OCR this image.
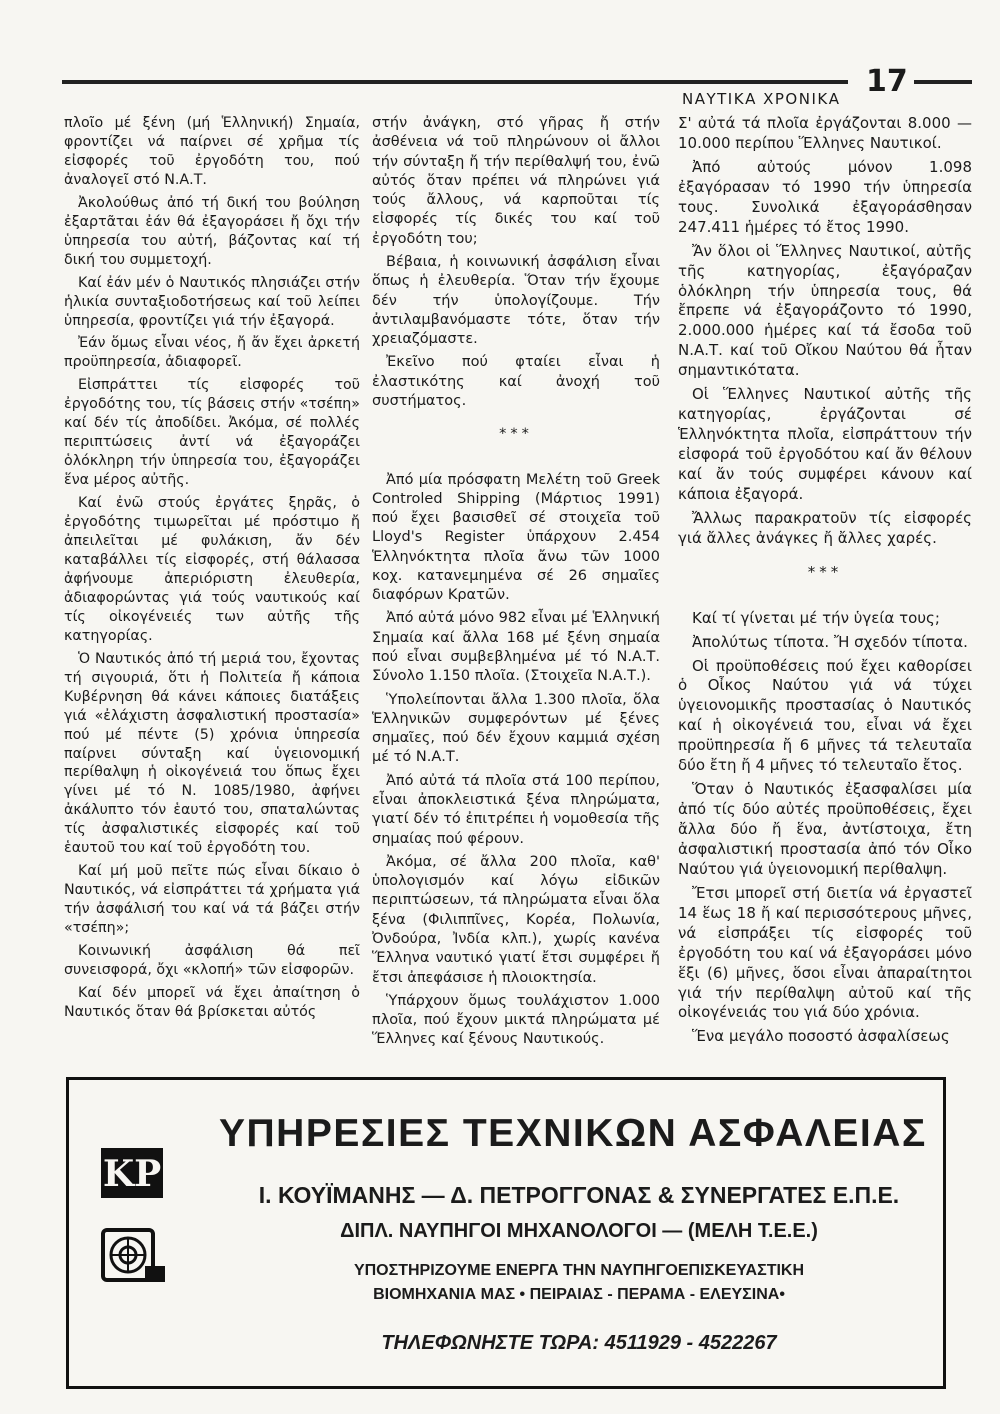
ΝΑΥΤΙΚΑ ΧΡΟΝΙΚΑ 17

πλοῖο μέ ξένη (μή Ἑλληνική) Σημαία, φροντίζει νά παίρνει σέ χρῆμα τίς εἰσφορές τοῦ ἐργοδότη του, πού ἀναλογεῖ στό Ν.Α.Τ.

Ἀκολούθως ἀπό τή δική του βούληση ἐξαρτᾶται ἐάν θά ἐξαγοράσει ἤ ὄχι τήν ὑπηρεσία του αὐτή, βάζοντας καί τή δική του συμμετοχή.

Καί ἐάν μέν ὁ Ναυτικός πλησιάζει στήν ἡλικία συνταξιοδοτήσεως καί τοῦ λείπει ὑπηρεσία, φροντίζει γιά τήν ἐξαγορά.

Ἐάν ὅμως εἶναι νέος, ἤ ἄν ἔχει ἀρκετή προϋπηρεσία, ἀδιαφορεῖ.

Εἰσπράττει τίς εἰσφορές τοῦ ἐργοδότης του, τίς βάσεις στήν «τσέπη» καί δέν τίς ἀποδίδει. Ἀκόμα, σέ πολλές περιπτώσεις ἀντί νά ἐξαγοράζει ὁλόκληρη τήν ὑπηρεσία του, ἐξαγοράζει ἕνα μέρος αὐτῆς.

Καί ἐνῶ στούς ἐργάτες ξηρᾶς, ὁ ἐργοδότης τιμωρεῖται μέ πρόστιμο ἤ ἀπειλεῖται μέ φυλάκιση, ἄν δέν καταβάλλει τίς εἰσφορές, στή θάλασσα ἀφήνουμε ἀπεριόριστη ἐλευθερία, ἀδιαφορώντας γιά τούς ναυτικούς καί τίς οἰκογένειές των αὐτῆς τῆς κατηγορίας.

Ὁ Ναυτικός ἀπό τή μεριά του, ἔχοντας τή σιγουριά, ὅτι ἡ Πολιτεία ἤ κάποια Κυβέρνηση θά κάνει κάποιες διατάξεις γιά «ἐλάχιστη ἀσφαλιστική προστασία» πού μέ πέντε (5) χρόνια ὑπηρεσία παίρνει σύνταξη καί ὑγειονομική περίθαλψη ἡ οἰκογένειά του ὅπως ἔχει γίνει μέ τό Ν. 1085/1980, ἀφήνει ἀκάλυπτο τόν ἑαυτό του, σπαταλώντας τίς ἀσφαλιστικές εἰσφορές καί τοῦ ἑαυτοῦ του καί τοῦ ἐργοδότη του.

Καί μή μοῦ πεῖτε πώς εἶναι δίκαιο ὁ Ναυτικός, νά εἰσπράττει τά χρήματα γιά τήν ἀσφάλισή του καί νά τά βάζει στήν «τσέπη»;

Κοινωνική ἀσφάλιση θά πεῖ συνεισφορά, ὄχι «κλοπή» τῶν εἰσφορῶν.

Καί δέν μπορεῖ νά ἔχει ἀπαίτηση ὁ Ναυτικός ὅταν θά βρίσκεται αὐτός

στήν ἀνάγκη, στό γῆρας ἤ στήν ἀσθένεια νά τοῦ πληρώνουν οἱ ἄλλοι τήν σύνταξη ἤ τήν περίθαλψή του, ἐνῶ αὐτός ὅταν πρέπει νά πληρώνει γιά τούς ἄλλους, νά καρποῦται τίς εἰσφορές τίς δικές του καί τοῦ ἐργοδότη του;

Βέβαια, ἡ κοινωνική ἀσφάλιση εἶναι ὅπως ἡ ἐλευθερία. Ὅταν τήν ἔχουμε δέν τήν ὑπολογίζουμε. Τήν ἀντιλαμβανόμαστε τότε, ὅταν τήν χρειαζόμαστε.

Ἐκεῖνο πού φταίει εἶναι ἡ ἐλαστικότης καί ἀνοχή τοῦ συστήματος.

***

Ἀπό μία πρόσφατη Μελέτη τοῦ Greek Controled Shipping (Μάρτιος 1991) πού ἔχει βασισθεῖ σέ στοιχεῖα τοῦ Lloyd's Register ὑπάρχουν 2.454 Ἑλληνόκτητα πλοῖα ἄνω τῶν 1000 κοχ. κατανεμημένα σέ 26 σημαῖες διαφόρων Κρατῶν.

Ἀπό αὐτά μόνο 982 εἶναι μέ Ἑλληνική Σημαία καί ἄλλα 168 μέ ξένη σημαία πού εἶναι συμβεβλημένα μέ τό Ν.Α.Τ. Σύνολο 1.150 πλοῖα. (Στοιχεῖα Ν.Α.Τ.).

Ὑπολείπονται ἄλλα 1.300 πλοῖα, ὅλα Ἑλληνικῶν συμφερόντων μέ ξένες σημαῖες, πού δέν ἔχουν καμμιά σχέση μέ τό Ν.Α.Τ.

Ἀπό αὐτά τά πλοῖα στά 100 περίπου, εἶναι ἀποκλειστικά ξένα πληρώματα, γιατί δέν τό ἐπιτρέπει ἡ νομοθεσία τῆς σημαίας πού φέρουν.

Ἀκόμα, σέ ἄλλα 200 πλοῖα, καθ' ὑπολογισμόν καί λόγω εἰδικῶν περιπτώσεων, τά πληρώματα εἶναι ὅλα ξένα (Φιλιππῖνες, Κορέα, Πολωνία, Ὀνδούρα, Ἰνδία κλπ.), χωρίς κανένα Ἕλληνα ναυτικό γιατί ἔτσι συμφέρει ἤ ἔτσι ἀπεφάσισε ἡ πλοιοκτησία.

Ὑπάρχουν ὅμως τουλάχιστον 1.000 πλοῖα, πού ἔχουν μικτά πληρώματα μέ Ἕλληνες καί ξένους Ναυτικούς.

Σ' αὐτά τά πλοῖα ἐργάζονται 8.000 — 10.000 περίπου Ἕλληνες Ναυτικοί.

Ἀπό αὐτούς μόνον 1.098 ἐξαγόρασαν τό 1990 τήν ὑπηρεσία τους. Συνολικά ἐξαγοράσθησαν 247.411 ἡμέρες τό ἔτος 1990.

Ἄν ὅλοι οἱ Ἕλληνες Ναυτικοί, αὐτῆς τῆς κατηγορίας, ἐξαγόραζαν ὁλόκληρη τήν ὑπηρεσία τους, θά ἔπρεπε νά ἐξαγοράζοντο τό 1990, 2.000.000 ἡμέρες καί τά ἔσοδα τοῦ Ν.Α.Τ. καί τοῦ Οἴκου Ναύτου θά ἦταν σημαντικότατα.

Οἱ Ἕλληνες Ναυτικοί αὐτῆς τῆς κατηγορίας, ἐργάζονται σέ Ἑλληνόκτητα πλοῖα, εἰσπράττουν τήν εἰσφορά τοῦ ἐργοδότου καί ἄν θέλουν καί ἄν τούς συμφέρει κάνουν καί κάποια ἐξαγορά.

Ἄλλως παρακρατοῦν τίς εἰσφορές γιά ἄλλες ἀνάγκες ἤ ἄλλες χαρές.

***

Καί τί γίνεται μέ τήν ὑγεία τους;

Ἀπολύτως τίποτα. Ἤ σχεδόν τίποτα.

Οἱ προϋποθέσεις πού ἔχει καθορίσει ὁ Οἶκος Ναύτου γιά νά τύχει ὑγειονομικῆς προστασίας ὁ Ναυτικός καί ἡ οἰκογένειά του, εἶναι νά ἔχει προϋπηρεσία ἤ 6 μῆνες τά τελευταῖα δύο ἔτη ἤ 4 μῆνες τό τελευταῖο ἔτος.

Ὅταν ὁ Ναυτικός ἐξασφαλίσει μία ἀπό τίς δύο αὐτές προϋποθέσεις, ἔχει ἄλλα δύο ἤ ἕνα, ἀντίστοιχα, ἔτη ἀσφαλιστική προστασία ἀπό τόν Οἶκο Ναύτου γιά ὑγειονομική περίθαλψη.

Ἔτσι μπορεῖ στή διετία νά ἐργαστεῖ 14 ἕως 18 ἤ καί περισσότερους μῆνες, νά εἰσπράξει τίς εἰσφορές τοῦ ἐργοδότη του καί νά ἐξαγοράσει μόνο ἕξι (6) μῆνες, ὅσοι εἶναι ἀπαραίτητοι γιά τήν περίθαλψη αὐτοῦ καί τῆς οἰκογένειάς του γιά δύο χρόνια.

Ἕνα μεγάλο ποσοστό ἀσφαλίσεως

KP
ΥΠΗΡΕΣΙΕΣ ΤΕΧΝΙΚΩΝ ΑΣΦΑΛΕΙΑΣ
Ι. ΚΟΥΪΜΑΝΗΣ — Δ. ΠΕΤΡΟΓΓΟΝΑΣ & ΣΥΝΕΡΓΑΤΕΣ Ε.Π.Ε.
ΔΙΠΛ. ΝΑΥΠΗΓΟΙ ΜΗΧΑΝΟΛΟΓΟΙ — (ΜΕΛΗ Τ.Ε.Ε.)
ΥΠΟΣΤΗΡΙΖΟΥΜΕ ΕΝΕΡΓΑ ΤΗΝ ΝΑΥΠΗΓΟΕΠΙΣΚΕΥΑΣΤΙΚΗ
ΒΙΟΜΗΧΑΝΙΑ ΜΑΣ • ΠΕΙΡΑΙΑΣ - ΠΕΡΑΜΑ - ΕΛΕΥΣΙΝΑ•
ΤΗΛΕΦΩΝΗΣΤΕ ΤΩΡΑ: 4511929 - 4522267
